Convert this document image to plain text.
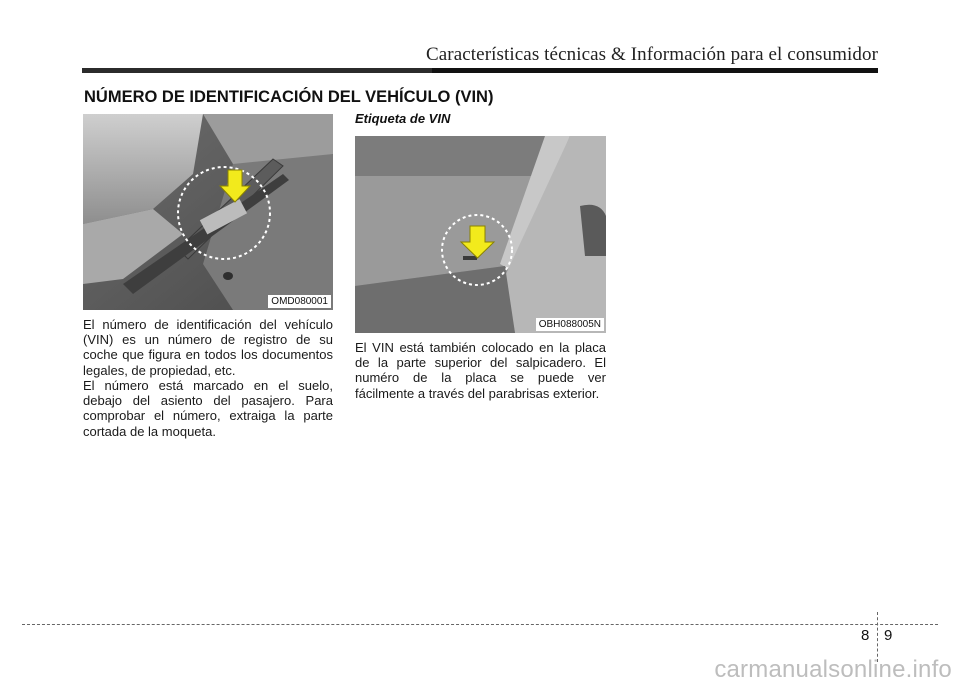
Características técnicas & Información para el consumidor
NÚMERO DE IDENTIFICACIÓN DEL VEHÍCULO (VIN)
OMD080001

El número de identificación del vehículo (VIN) es un número de registro de su coche que figura en todos los documentos legales, de propiedad, etc.

El número está marcado en el suelo, debajo del asiento del pasajero. Para comprobar el número, extraiga la parte cortada de la moqueta.

Etiqueta de VIN
OBH088005N

El VIN está también colocado en la placa de la parte superior del salpicadero. El numéro de la placa se puede ver fácilmente a través del parabrisas exterior.

8 9
carmanualsonline.info
